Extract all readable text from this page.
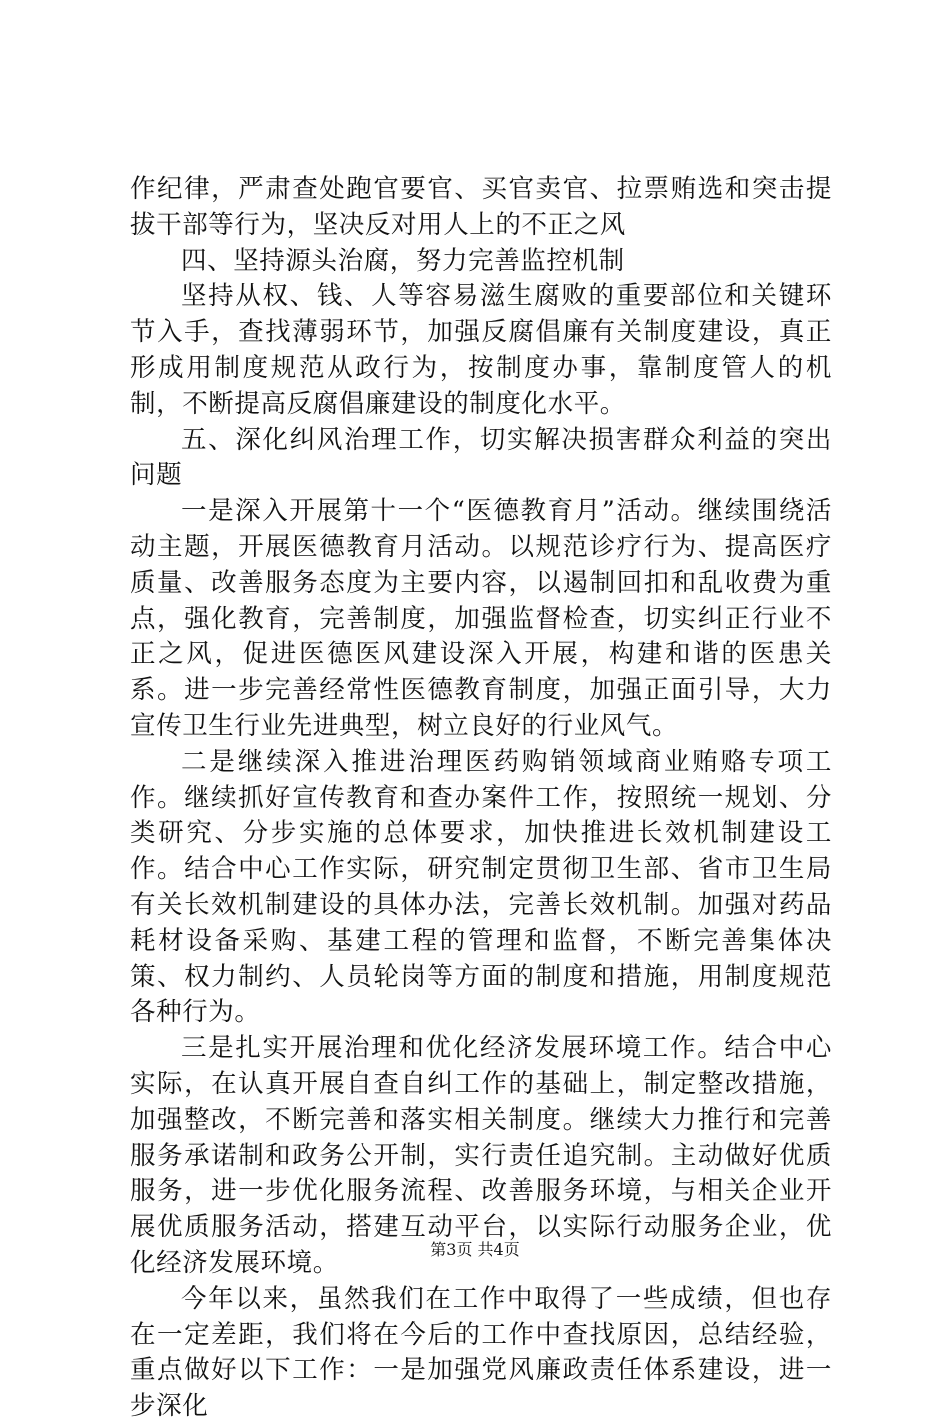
作纪律，严肃查处跑官要官、买官卖官、拉票贿选和突击提拔干部等行为，坚决反对用人上的不正之风

四、坚持源头治腐，努力完善监控机制

坚持从权、钱、人等容易滋生腐败的重要部位和关键环节入手，查找薄弱环节，加强反腐倡廉有关制度建设，真正形成用制度规范从政行为，按制度办事，靠制度管人的机制，不断提高反腐倡廉建设的制度化水平。

五、深化纠风治理工作，切实解决损害群众利益的突出问题

一是深入开展第十一个“医德教育月”活动。继续围绕活动主题，开展医德教育月活动。以规范诊疗行为、提高医疗质量、改善服务态度为主要内容，以遏制回扣和乱收费为重点，强化教育，完善制度，加强监督检查，切实纠正行业不正之风，促进医德医风建设深入开展，构建和谐的医患关系。进一步完善经常性医德教育制度，加强正面引导，大力宣传卫生行业先进典型，树立良好的行业风气。

二是继续深入推进治理医药购销领域商业贿赂专项工作。继续抓好宣传教育和查办案件工作，按照统一规划、分类研究、分步实施的总体要求，加快推进长效机制建设工作。结合中心工作实际，研究制定贯彻卫生部、省市卫生局有关长效机制建设的具体办法，完善长效机制。加强对药品耗材设备采购、基建工程的管理和监督，不断完善集体决策、权力制约、人员轮岗等方面的制度和措施，用制度规范各种行为。

三是扎实开展治理和优化经济发展环境工作。结合中心实际，在认真开展自查自纠工作的基础上，制定整改措施，加强整改，不断完善和落实相关制度。继续大力推行和完善服务承诺制和政务公开制，实行责任追究制。主动做好优质服务，进一步优化服务流程、改善服务环境，与相关企业开展优质服务活动，搭建互动平台，以实际行动服务企业，优化经济发展环境。

今年以来，虽然我们在工作中取得了一些成绩，但也存在一定差距，我们将在今后的工作中查找原因，总结经验，重点做好以下工作：一是加强党风廉政责任体系建设，进一步深化

第3页 共4页
